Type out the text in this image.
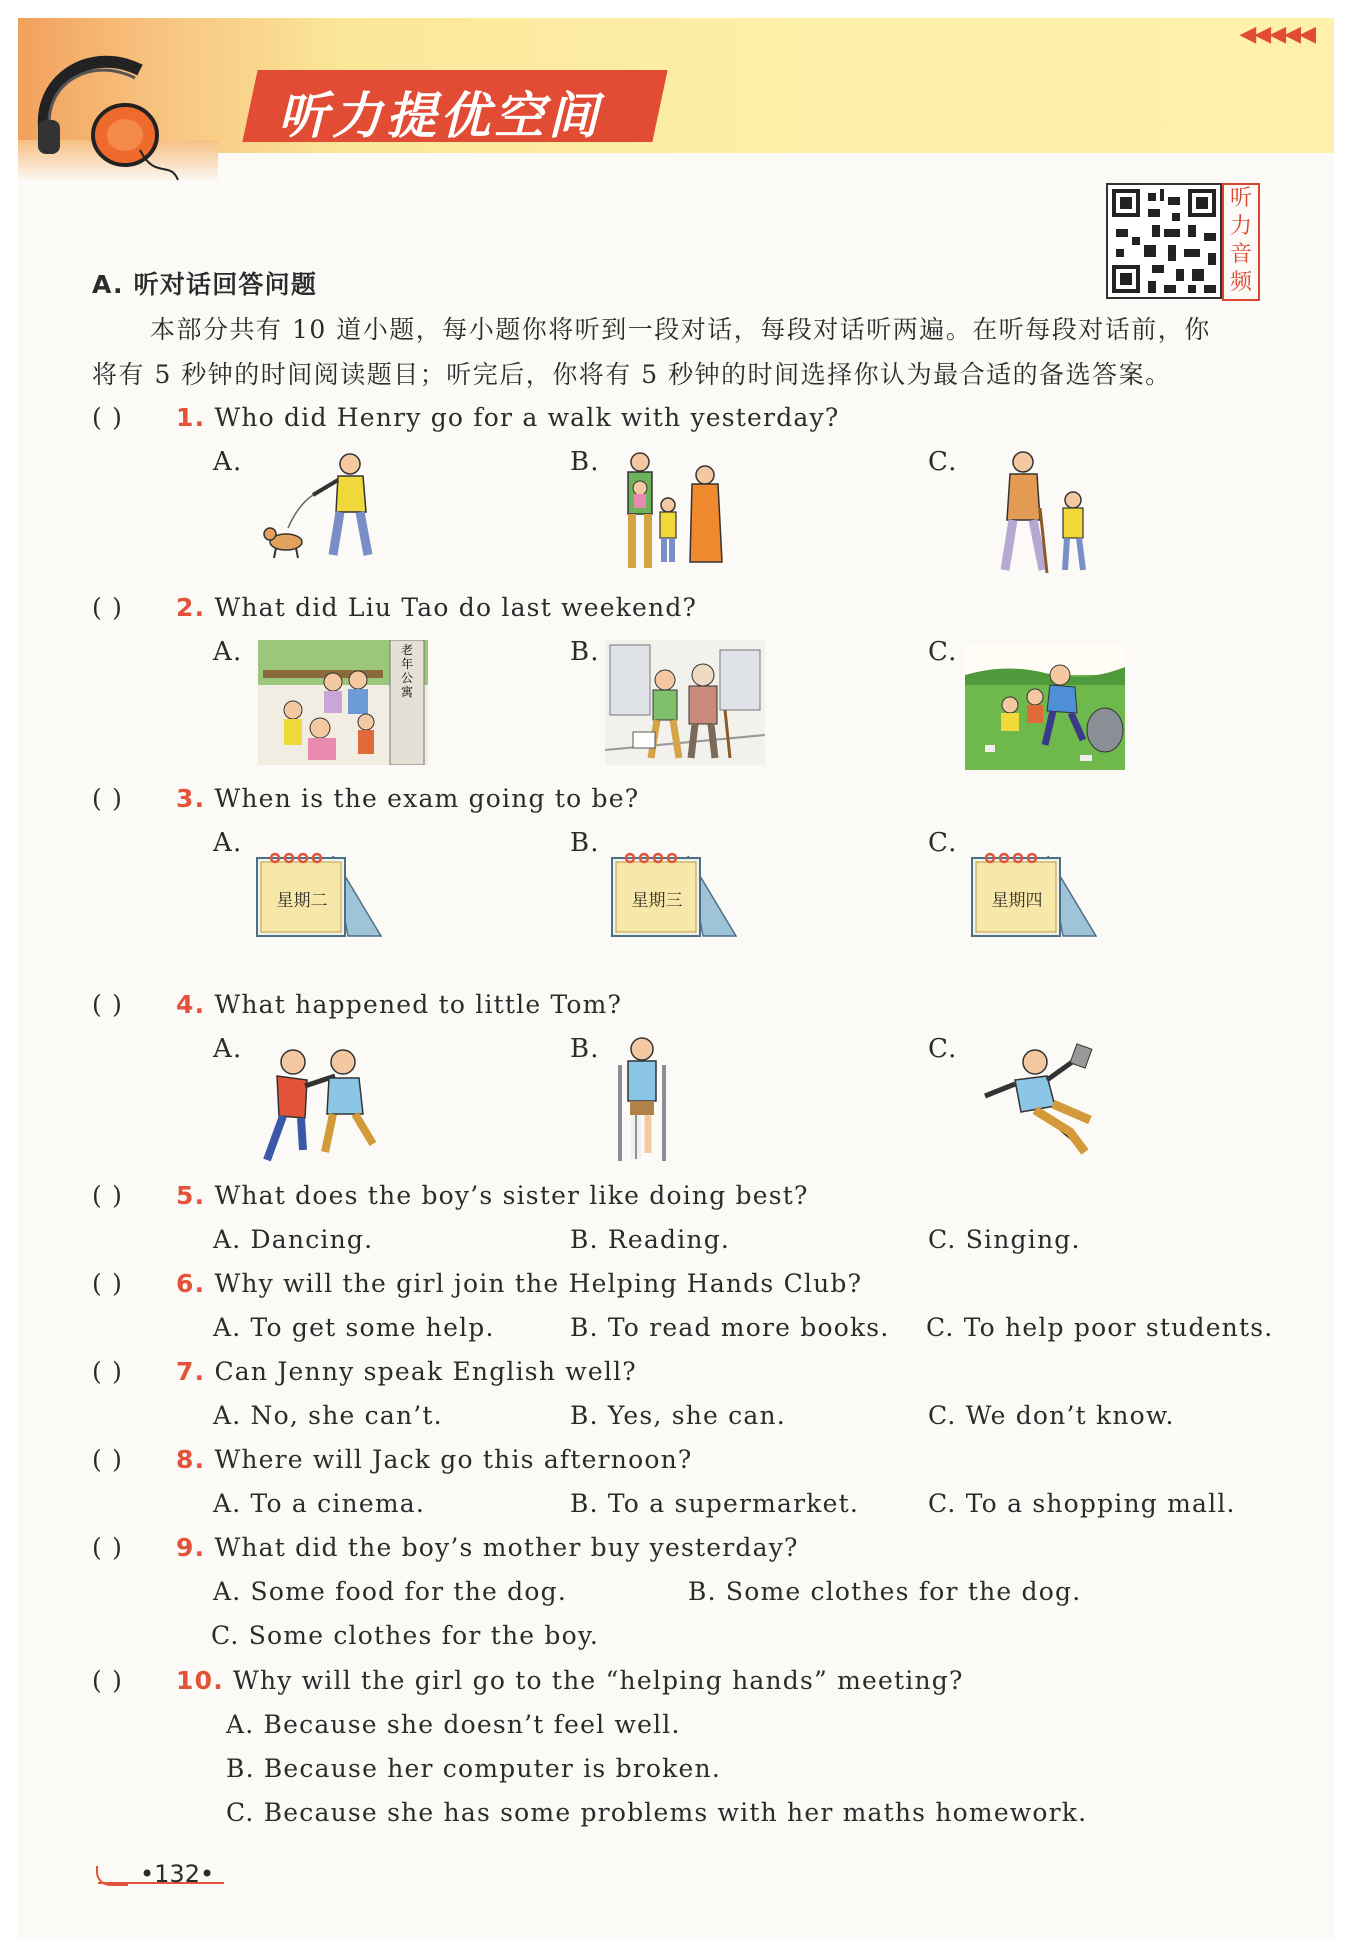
听力提优空间
◀◀◀◀◀
听
力
音
频
A. 听对话回答问题
本部分共有 10 道小题，每小题你将听到一段对话，每段对话听两遍。在听每段对话前，你
将有 5 秒钟的时间阅读题目；听完后，你将有 5 秒钟的时间选择你认为最合适的备选答案。
( ) 1. Who did Henry go for a walk with yesterday?
A.	B.	C.
( ) 2. What did Liu Tao do last weekend?
A.	B.	C.
老年公寓
( ) 3. When is the exam going to be?
A.	B.	C.
星期二	星期三	星期四
( ) 4. What happened to little Tom?
A.	B.	C.
( ) 5. What does the boy’s sister like doing best?
A. Dancing.	B. Reading.	C. Singing.
( ) 6. Why will the girl join the Helping Hands Club?
A. To get some help.	B. To read more books. C. To help poor students.
( ) 7. Can Jenny speak English well?
A. No, she can’t.	B. Yes, she can.	C. We don’t know.
( ) 8. Where will Jack go this afternoon?
A. To a cinema.	B. To a supermarket.	C. To a shopping mall.
( ) 9. What did the boy’s mother buy yesterday?
A. Some food for the dog.	B. Some clothes for the dog.
C. Some clothes for the boy.
( ) 10. Why will the girl go to the “helping hands” meeting?
A. Because she doesn’t feel well.
B. Because her computer is broken.
C. Because she has some problems with her maths homework.
•132•
